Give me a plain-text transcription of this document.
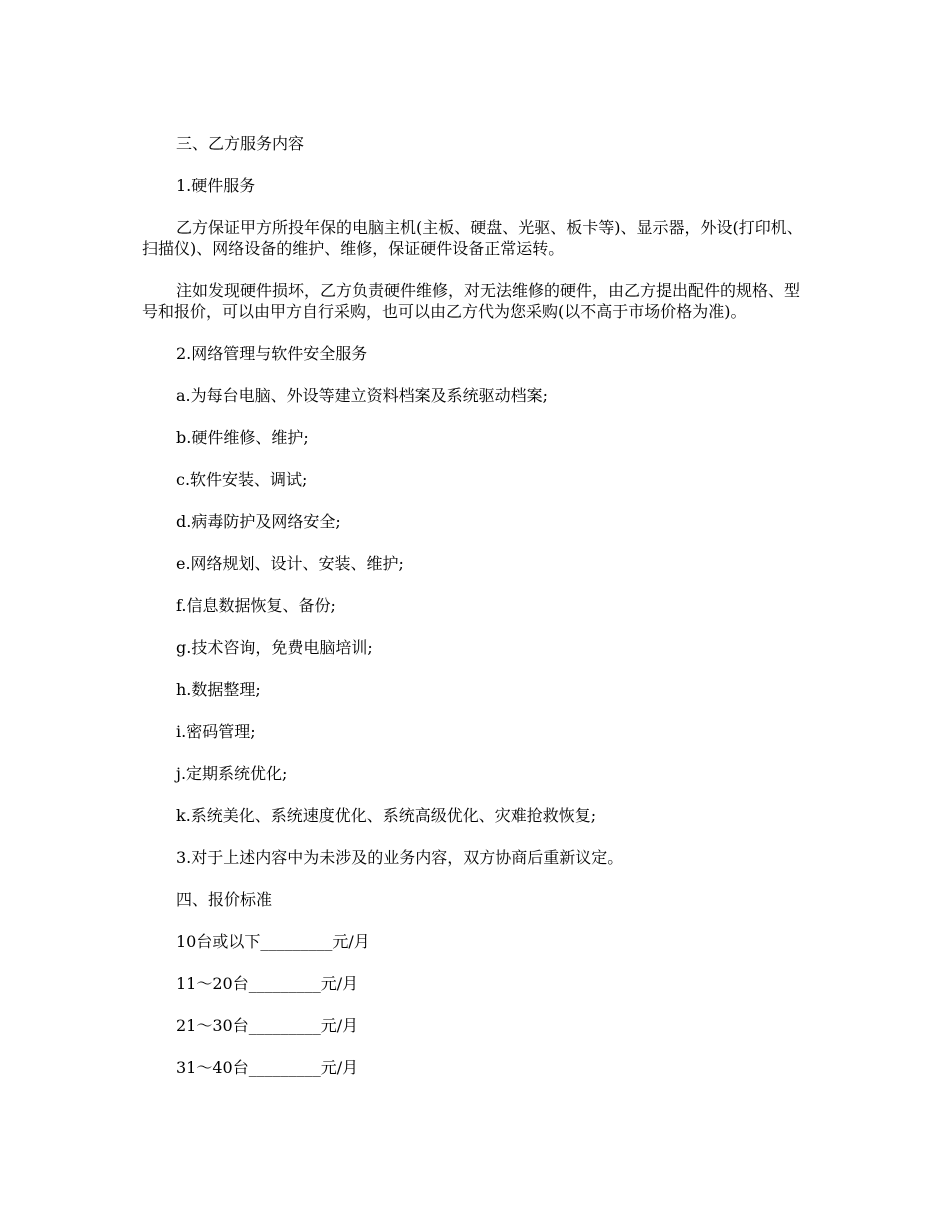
三、乙方服务内容

1.硬件服务

乙方保证甲方所投年保的电脑主机(主板、硬盘、光驱、板卡等)、显示器，外设(打印机、扫描仪)、网络设备的维护、维修，保证硬件设备正常运转。

注如发现硬件损坏，乙方负责硬件维修，对无法维修的硬件，由乙方提出配件的规格、型号和报价，可以由甲方自行采购，也可以由乙方代为您采购(以不高于市场价格为准)。

2.网络管理与软件安全服务

a.为每台电脑、外设等建立资料档案及系统驱动档案;

b.硬件维修、维护;

c.软件安装、调试;

d.病毒防护及网络安全;

e.网络规划、设计、安装、维护;

f.信息数据恢复、备份;

g.技术咨询，免费电脑培训;

h.数据整理;

i.密码管理;

j.定期系统优化;

k.系统美化、系统速度优化、系统高级优化、灾难抢救恢复;

3.对于上述内容中为未涉及的业务内容，双方协商后重新议定。

四、报价标准

10台或以下_________元/月

11～20台_________元/月

21～30台_________元/月

31～40台_________元/月
